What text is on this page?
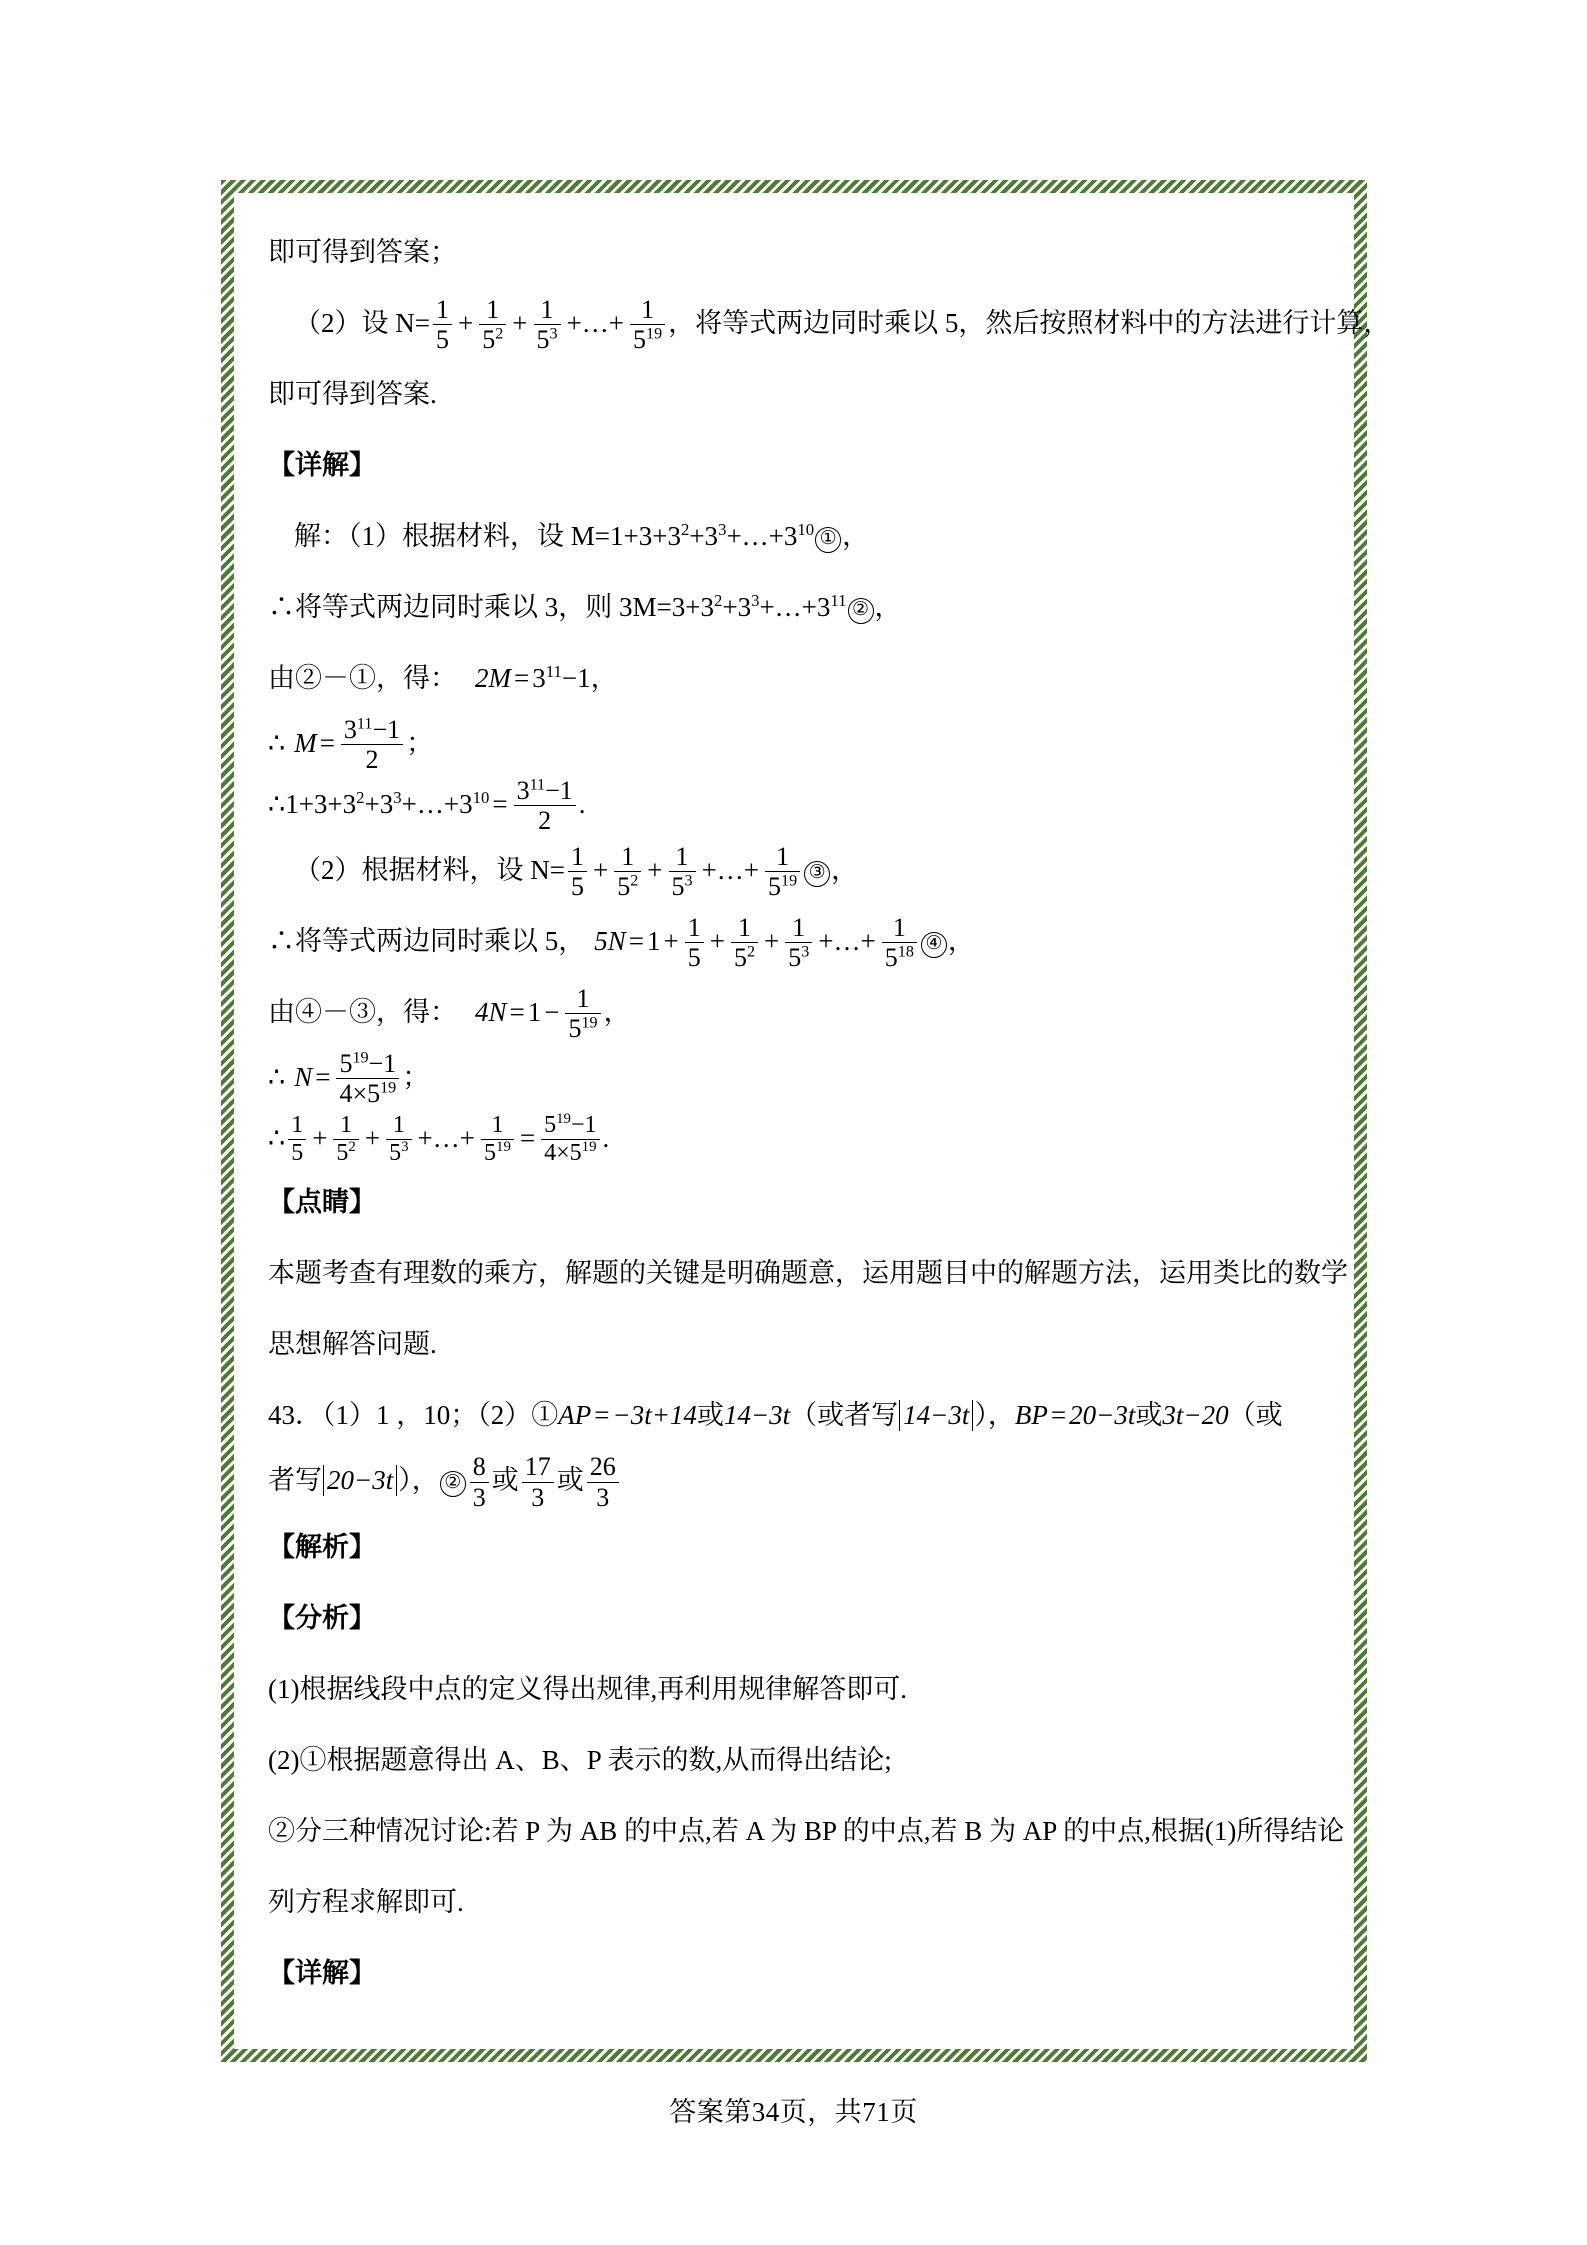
即可得到答案；
（2）设 $N= \frac{1}{5} + \frac{1}{5^2} + \frac{1}{5^3}$ +…+ $\frac{1}{5^{19}}$ ，将等式两边同时乘以 5，然后按照材料中的方法进行计算，
即可得到答案.
【详解】
解：（1）根据材料，设 $M=1+3+3^2+3^3+\dots+3^{10}$ ① ，
∴将等式两边同时乘以 3，则 $3M=3+3^2+3^3+\dots+3^{11}$ ② ，
由②－①，得： $2M = 3^{11}-1$，
∴ $M = \frac{3^{11}-1}{2}$ ；
$\therefore 1+3+3^2+3^3+\dots+3^{10} = \frac{3^{11}-1}{2}$ .
（2）根据材料，设 $N= \frac{1}{5} + \frac{1}{5^2} + \frac{1}{5^3}$ +…+ $\frac{1}{5^{19}}$ ③ ，
∴将等式两边同时乘以 5， $5N = 1 + \frac{1}{5} + \frac{1}{5^2} + \frac{1}{5^3}$ +…+ $\frac{1}{5^{18}}$ ④ ，
由④－③，得： $4N = 1 - \frac{1}{5^{19}}$ ，
∴ $N = \frac{5^{19}-1}{4\times 5^{19}}$ ；
∴ $\frac{1}{5} + \frac{1}{5^2} + \frac{1}{5^3}$ +…+ $\frac{1}{5^{19}} = \frac{5^{19}-1}{4\times 5^{19}}$ .
【点睛】
本题考查有理数的乘方，解题的关键是明确题意，运用题目中的解题方法，运用类比的数学
思想解答问题.
43．（1）1 ，10；（2）①AP = −3t+14或14−3t（或者写 14−3t ），BP = 20−3t或3t−20（或
者写 20−3t ）， ② $\frac{8}{3}$ 或 $\frac{17}{3}$ 或 $\frac{26}{3}$
【解析】
【分析】
(1)根据线段中点的定义得出规律,再利用规律解答即可.
(2)①根据题意得出 A、B、P 表示的数,从而得出结论;
②分三种情况讨论:若 P 为 AB 的中点,若 A 为 BP 的中点,若 B 为 AP 的中点,根据(1)所得结论
列方程求解即可.
【详解】
答案第34页，共71页
